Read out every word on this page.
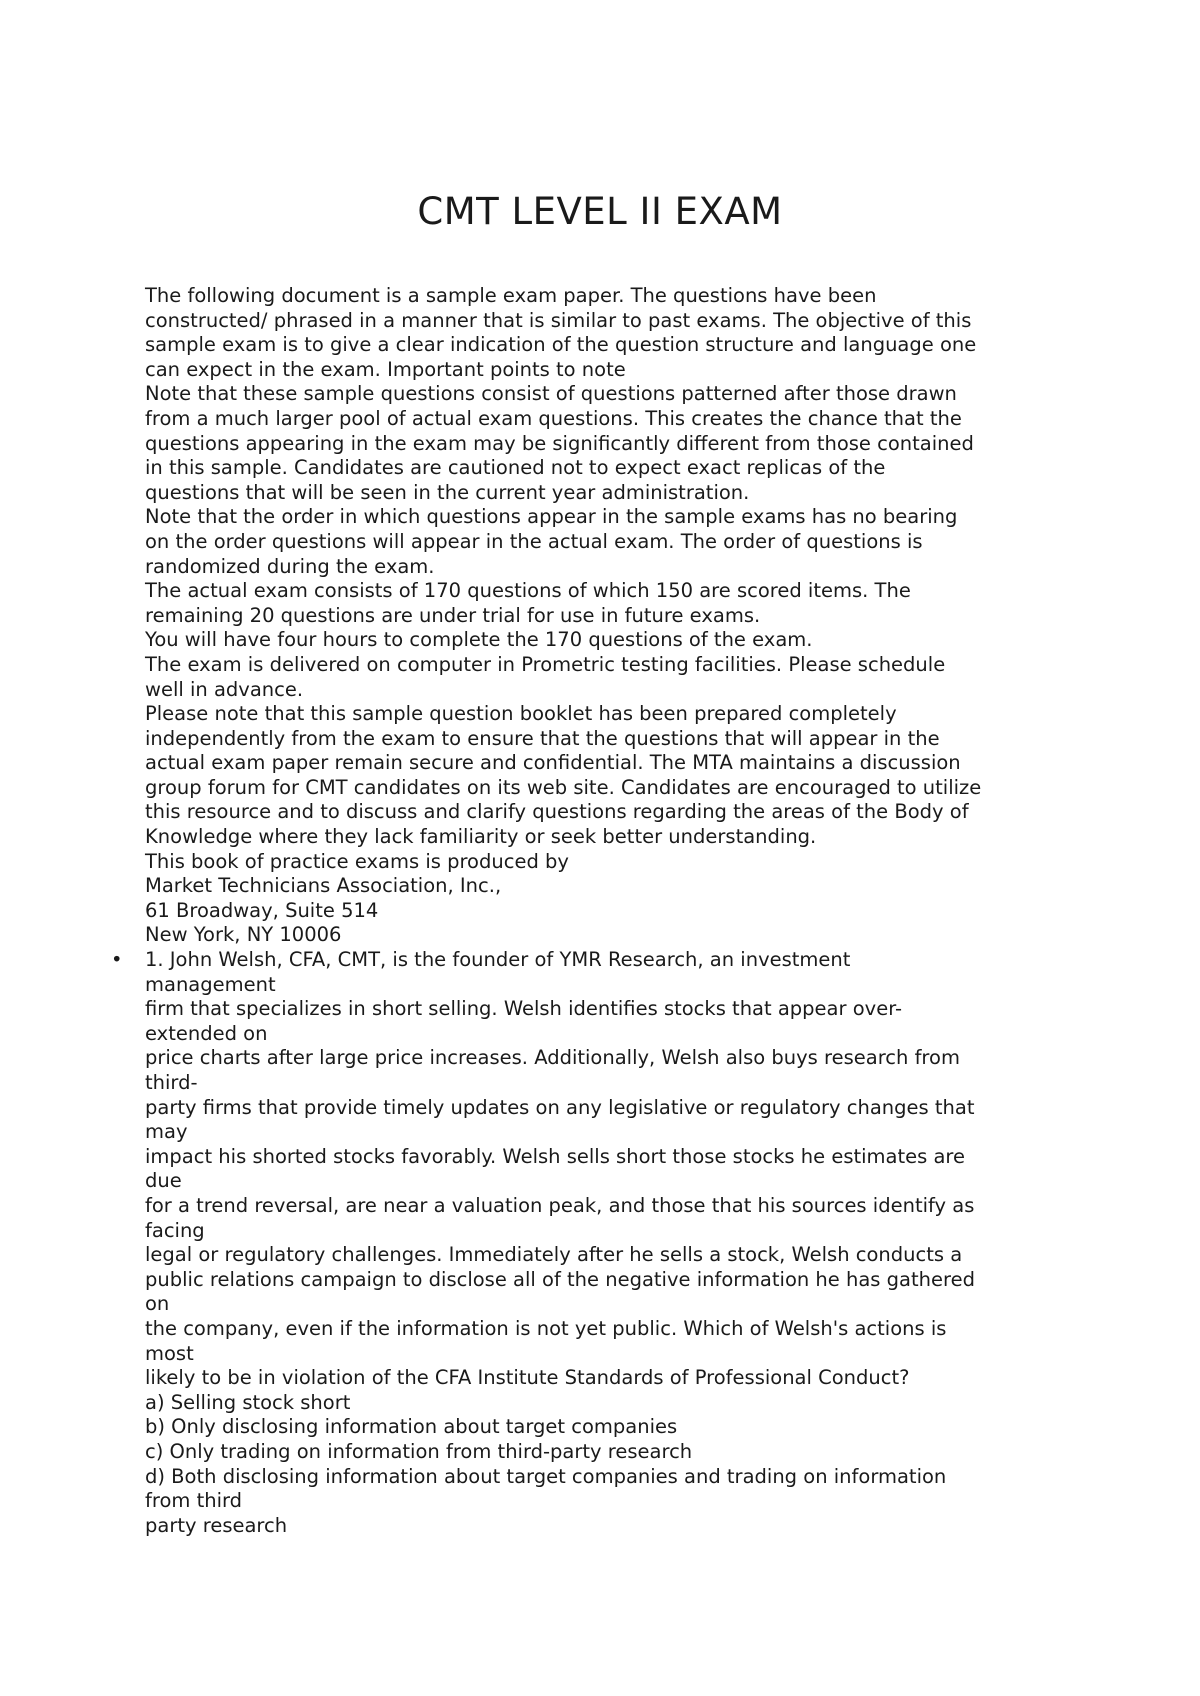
CMT LEVEL II EXAM
The following document is a sample exam paper. The questions have been
constructed/ phrased in a manner that is similar to past exams. The objective of this
sample exam is to give a clear indication of the question structure and language one
can expect in the exam. Important points to note
Note that these sample questions consist of questions patterned after those drawn
from a much larger pool of actual exam questions. This creates the chance that the
questions appearing in the exam may be significantly different from those contained
in this sample. Candidates are cautioned not to expect exact replicas of the
questions that will be seen in the current year administration.
Note that the order in which questions appear in the sample exams has no bearing
on the order questions will appear in the actual exam. The order of questions is
randomized during the exam.
The actual exam consists of 170 questions of which 150 are scored items. The
remaining 20 questions are under trial for use in future exams.
You will have four hours to complete the 170 questions of the exam.
The exam is delivered on computer in Prometric testing facilities. Please schedule
well in advance.
Please note that this sample question booklet has been prepared completely
independently from the exam to ensure that the questions that will appear in the
actual exam paper remain secure and confidential. The MTA maintains a discussion
group forum for CMT candidates on its web site. Candidates are encouraged to utilize
this resource and to discuss and clarify questions regarding the areas of the Body of
Knowledge where they lack familiarity or seek better understanding.
This book of practice exams is produced by
Market Technicians Association, Inc.,
61 Broadway, Suite 514
New York, NY 10006
• 1. John Welsh, CFA, CMT, is the founder of YMR Research, an investment
management
firm that specializes in short selling. Welsh identifies stocks that appear over-
extended on
price charts after large price increases. Additionally, Welsh also buys research from
third-
party firms that provide timely updates on any legislative or regulatory changes that
may
impact his shorted stocks favorably. Welsh sells short those stocks he estimates are
due
for a trend reversal, are near a valuation peak, and those that his sources identify as
facing
legal or regulatory challenges. Immediately after he sells a stock, Welsh conducts a
public relations campaign to disclose all of the negative information he has gathered
on
the company, even if the information is not yet public. Which of Welsh's actions is
most
likely to be in violation of the CFA Institute Standards of Professional Conduct?
a) Selling stock short
b) Only disclosing information about target companies
c) Only trading on information from third-party research
d) Both disclosing information about target companies and trading on information
from third
party research
